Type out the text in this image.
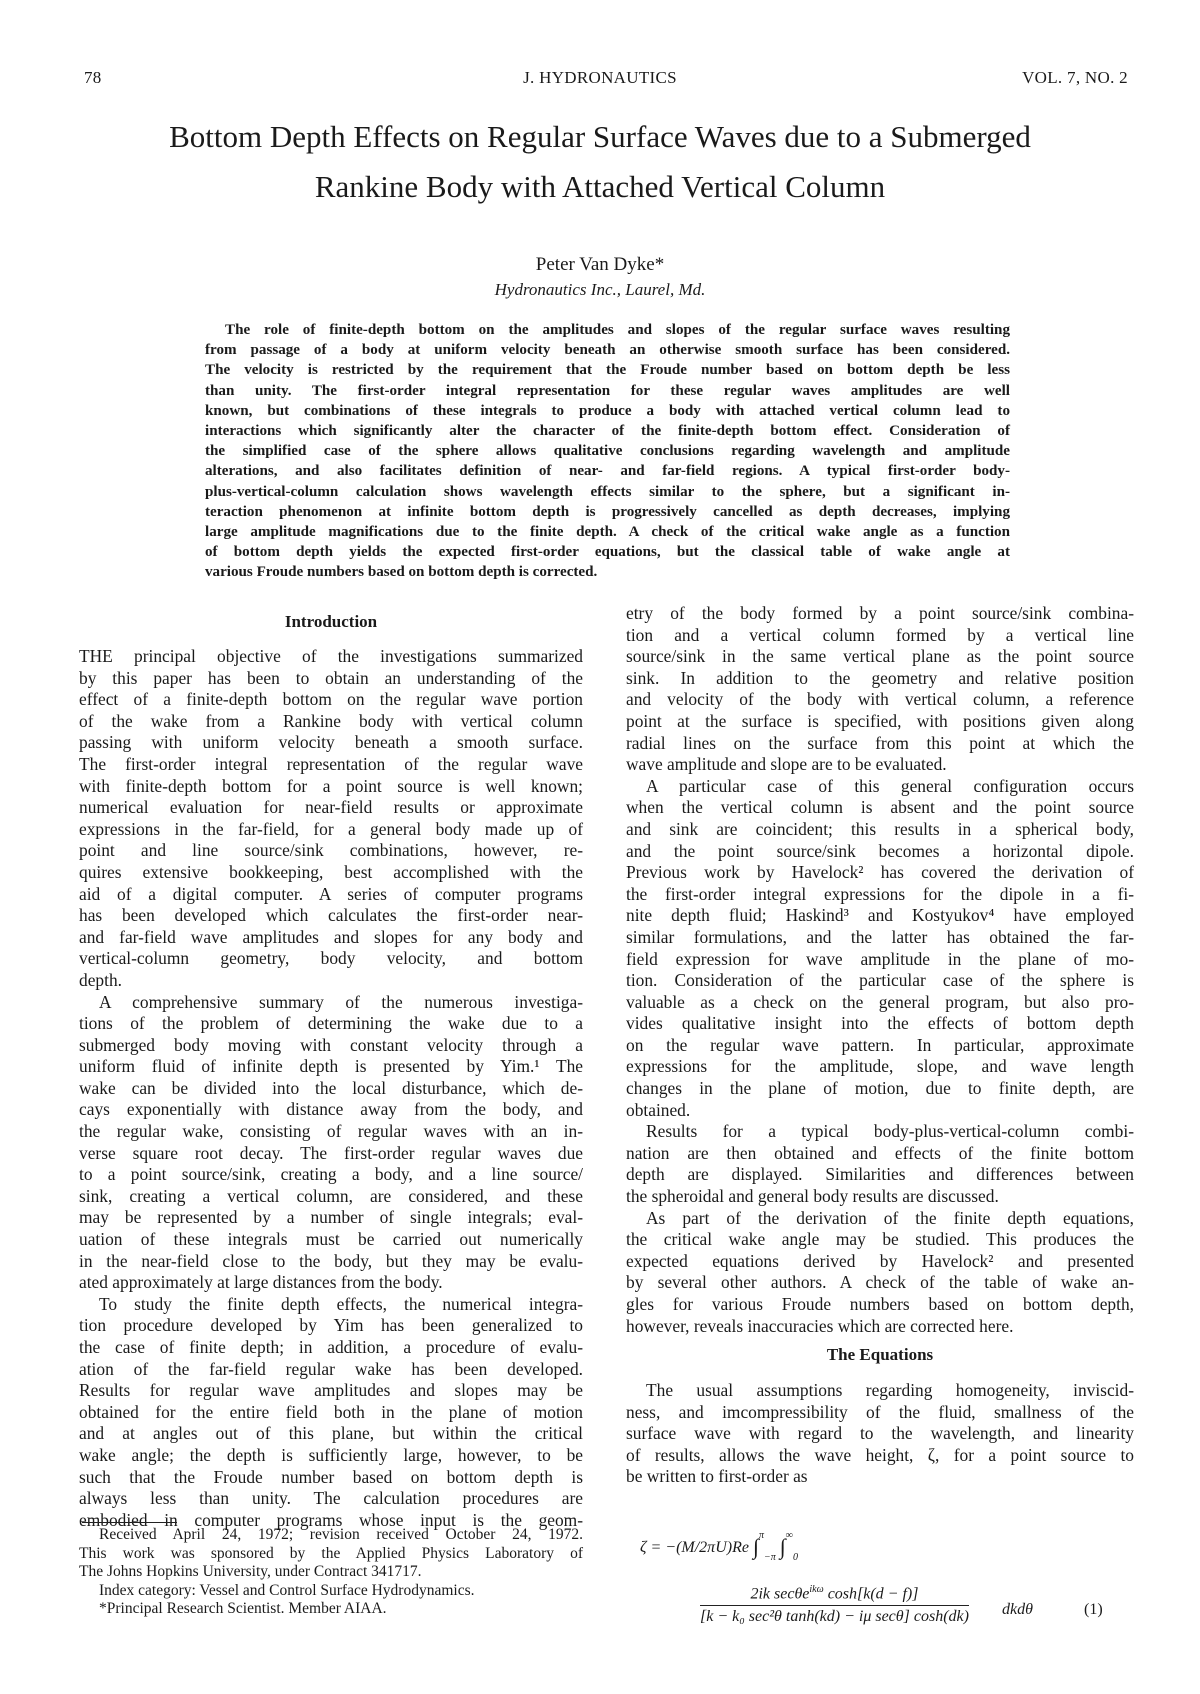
78	J. HYDRONAUTICS	VOL. 7, NO. 2
Bottom Depth Effects on Regular Surface Waves due to a Submerged
Rankine Body with Attached Vertical Column
Peter Van Dyke*
Hydronautics Inc., Laurel, Md.
The role of finite-depth bottom on the amplitudes and slopes of the regular surface waves resulting
from passage of a body at uniform velocity beneath an otherwise smooth surface has been considered.
The velocity is restricted by the requirement that the Froude number based on bottom depth be less
than unity. The first-order integral representation for these regular waves amplitudes are well
known, but combinations of these integrals to produce a body with attached vertical column lead to
interactions which significantly alter the character of the finite-depth bottom effect. Consideration of
the simplified case of the sphere allows qualitative conclusions regarding wavelength and amplitude
alterations, and also facilitates definition of near- and far-field regions. A typical first-order body-
plus-vertical-column calculation shows wavelength effects similar to the sphere, but a significant in-
teraction phenomenon at infinite bottom depth is progressively cancelled as depth decreases, implying
large amplitude magnifications due to the finite depth. A check of the critical wake angle as a function
of bottom depth yields the expected first-order equations, but the classical table of wake angle at
various Froude numbers based on bottom depth is corrected.
Introduction
THE principal objective of the investigations summarized
by this paper has been to obtain an understanding of the
effect of a finite-depth bottom on the regular wave portion
of the wake from a Rankine body with vertical column
passing with uniform velocity beneath a smooth surface.
The first-order integral representation of the regular wave
with finite-depth bottom for a point source is well known;
numerical evaluation for near-field results or approximate
expressions in the far-field, for a general body made up of
point and line source/sink combinations, however, re-
quires extensive bookkeeping, best accomplished with the
aid of a digital computer. A series of computer programs
has been developed which calculates the first-order near-
and far-field wave amplitudes and slopes for any body and
vertical-column geometry, body velocity, and bottom
depth.
A comprehensive summary of the numerous investiga-
tions of the problem of determining the wake due to a
submerged body moving with constant velocity through a
uniform fluid of infinite depth is presented by Yim.¹ The
wake can be divided into the local disturbance, which de-
cays exponentially with distance away from the body, and
the regular wake, consisting of regular waves with an in-
verse square root decay. The first-order regular waves due
to a point source/sink, creating a body, and a line source/
sink, creating a vertical column, are considered, and these
may be represented by a number of single integrals; eval-
uation of these integrals must be carried out numerically
in the near-field close to the body, but they may be evalu-
ated approximately at large distances from the body.
To study the finite depth effects, the numerical integra-
tion procedure developed by Yim has been generalized to
the case of finite depth; in addition, a procedure of evalu-
ation of the far-field regular wake has been developed.
Results for regular wave amplitudes and slopes may be
obtained for the entire field both in the plane of motion
and at angles out of this plane, but within the critical
wake angle; the depth is sufficiently large, however, to be
such that the Froude number based on bottom depth is
always less than unity. The calculation procedures are
embodied in computer programs whose input is the geom-
Received April 24, 1972; revision received October 24, 1972.
This work was sponsored by the Applied Physics Laboratory of
The Johns Hopkins University, under Contract 341717.
Index category: Vessel and Control Surface Hydrodynamics.
*Principal Research Scientist. Member AIAA.
etry of the body formed by a point source/sink combina-
tion and a vertical column formed by a vertical line
source/sink in the same vertical plane as the point source
sink. In addition to the geometry and relative position
and velocity of the body with vertical column, a reference
point at the surface is specified, with positions given along
radial lines on the surface from this point at which the
wave amplitude and slope are to be evaluated.
A particular case of this general configuration occurs
when the vertical column is absent and the point source
and sink are coincident; this results in a spherical body,
and the point source/sink becomes a horizontal dipole.
Previous work by Havelock² has covered the derivation of
the first-order integral expressions for the dipole in a fi-
nite depth fluid; Haskind³ and Kostyukov⁴ have employed
similar formulations, and the latter has obtained the far-
field expression for wave amplitude in the plane of mo-
tion. Consideration of the particular case of the sphere is
valuable as a check on the general program, but also pro-
vides qualitative insight into the effects of bottom depth
on the regular wave pattern. In particular, approximate
expressions for the amplitude, slope, and wave length
changes in the plane of motion, due to finite depth, are
obtained.
Results for a typical body-plus-vertical-column combi-
nation are then obtained and effects of the finite bottom
depth are displayed. Similarities and differences between
the spheroidal and general body results are discussed.
As part of the derivation of the finite depth equations,
the critical wake angle may be studied. This produces the
expected equations derived by Havelock² and presented
by several other authors. A check of the table of wake an-
gles for various Froude numbers based on bottom depth,
however, reveals inaccuracies which are corrected here.
The Equations
The usual assumptions regarding homogeneity, inviscid-
ness, and imcompressibility of the fluid, smallness of the
surface wave with regard to the wavelength, and linearity
of results, allows the wave height, ζ, for a point source to
be written to first-order as
ζ = −(M/2πU)Re ∫$^\pi_{-\pi}$ $\int^\infty_0$
2ik secθe$^{ik\omega}$ cosh[k(d − f)]
[k − k₀ sec²θ tanh(kd) − iμ secθ] cosh(dk) dkdθ	(1)
